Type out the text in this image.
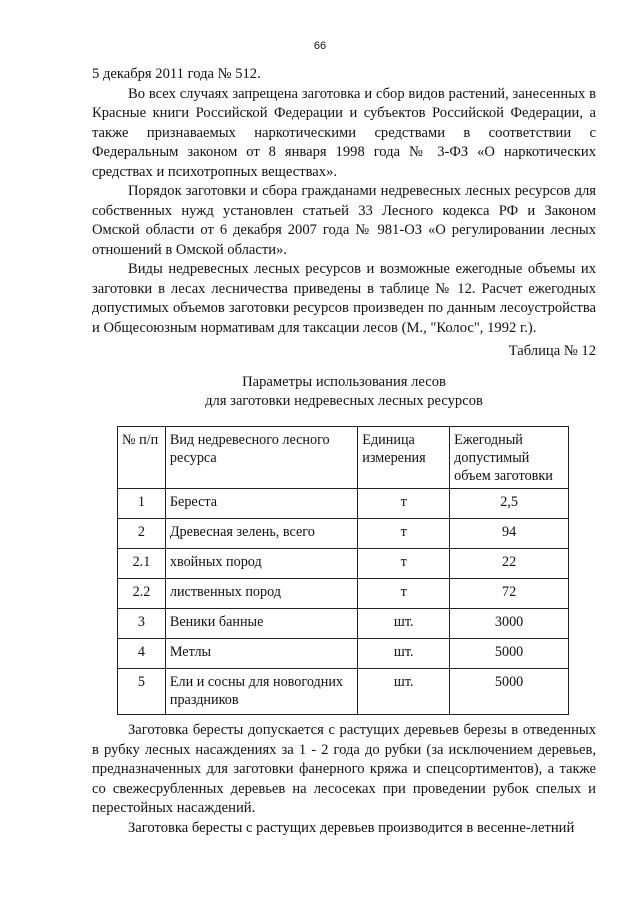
66

5 декабря 2011 года № 512.

Во всех случаях запрещена заготовка и сбор видов растений, занесенных в Красные книги Российской Федерации и субъектов Российской Федерации, а также признаваемых наркотическими средствами в соответствии с Федеральным законом от 8 января 1998 года № 3-ФЗ «О наркотических средствах и психотропных веществах».

Порядок заготовки и сбора гражданами недревесных лесных ресурсов для собственных нужд установлен статьей 33 Лесного кодекса РФ и Законом Омской области от 6 декабря 2007 года № 981-ОЗ «О регулировании лесных отношений в Омской области».

Виды недревесных лесных ресурсов и возможные ежегодные объемы их заготовки в лесах лесничества приведены в таблице № 12. Расчет ежегодных допустимых объемов заготовки ресурсов произведен по данным лесоустройства и Общесоюзным нормативам для таксации лесов (М., "Колос", 1992 г.).

Таблица № 12
Параметры использования лесов
для заготовки недревесных лесных ресурсов
№ п/п	Вид недревесного лесного ресурса	Единица измерения	Ежегодный допустимый объем заготовки
1	Береста	т	2,5
2	Древесная зелень, всего	т	94
2.1	хвойных пород	т	22
2.2	лиственных пород	т	72
3	Веники банные	шт.	3000
4	Метлы	шт.	5000
5	Ели и сосны для новогодних праздников	шт.	5000

Заготовка бересты допускается с растущих деревьев березы в отведенных в рубку лесных насаждениях за 1 - 2 года до рубки (за исключением деревьев, предназначенных для заготовки фанерного кряжа и спецсортиментов), а также со свежесрубленных деревьев на лесосеках при проведении рубок спелых и перестойных насаждений.

Заготовка бересты с растущих деревьев производится в весенне-летний
